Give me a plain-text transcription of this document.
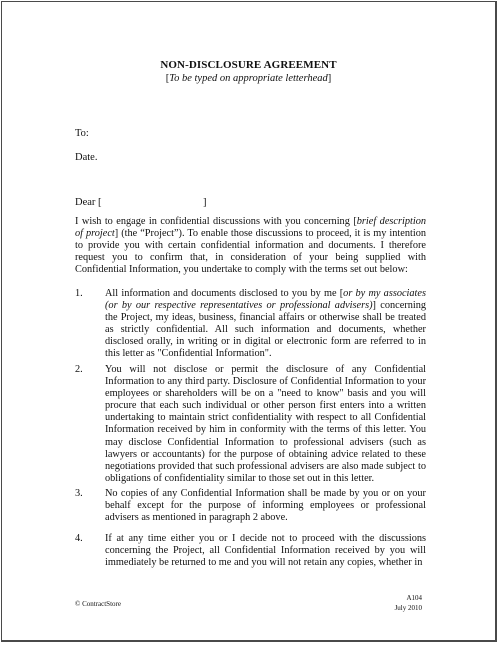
NON-DISCLOSURE AGREEMENT
[To be typed on appropriate letterhead]
To:
Date.
Dear [	]
I wish to engage in confidential discussions with you concerning [brief description of project] (the “Project”). To enable those discussions to proceed, it is my intention to provide you with certain confidential information and documents. I therefore request you to confirm that, in consideration of your being supplied with Confidential Information, you undertake to comply with the terms set out below:
1. All information and documents disclosed to you by me [or by my associates (or by our respective representatives or professional advisers)] concerning the Project, my ideas, business, financial affairs or otherwise shall be treated as strictly confidential. All such information and documents, whether disclosed orally, in writing or in digital or electronic form are referred to in this letter as "Confidential Information".
2. You will not disclose or permit the disclosure of any Confidential Information to any third party. Disclosure of Confidential Information to your employees or shareholders will be on a "need to know" basis and you will procure that each such individual or other person first enters into a written undertaking to maintain strict confidentiality with respect to all Confidential Information received by him in conformity with the terms of this letter. You may disclose Confidential Information to professional advisers (such as lawyers or accountants) for the purpose of obtaining advice related to these negotiations provided that such professional advisers are also made subject to obligations of confidentiality similar to those set out in this letter.
3. No copies of any Confidential Information shall be made by you or on your behalf except for the purpose of informing employees or professional advisers as mentioned in paragraph 2 above.
4. If at any time either you or I decide not to proceed with the discussions concerning the Project, all Confidential Information received by you will immediately be returned to me and you will not retain any copies, whether in
© ContractStore
A104
July 2010
